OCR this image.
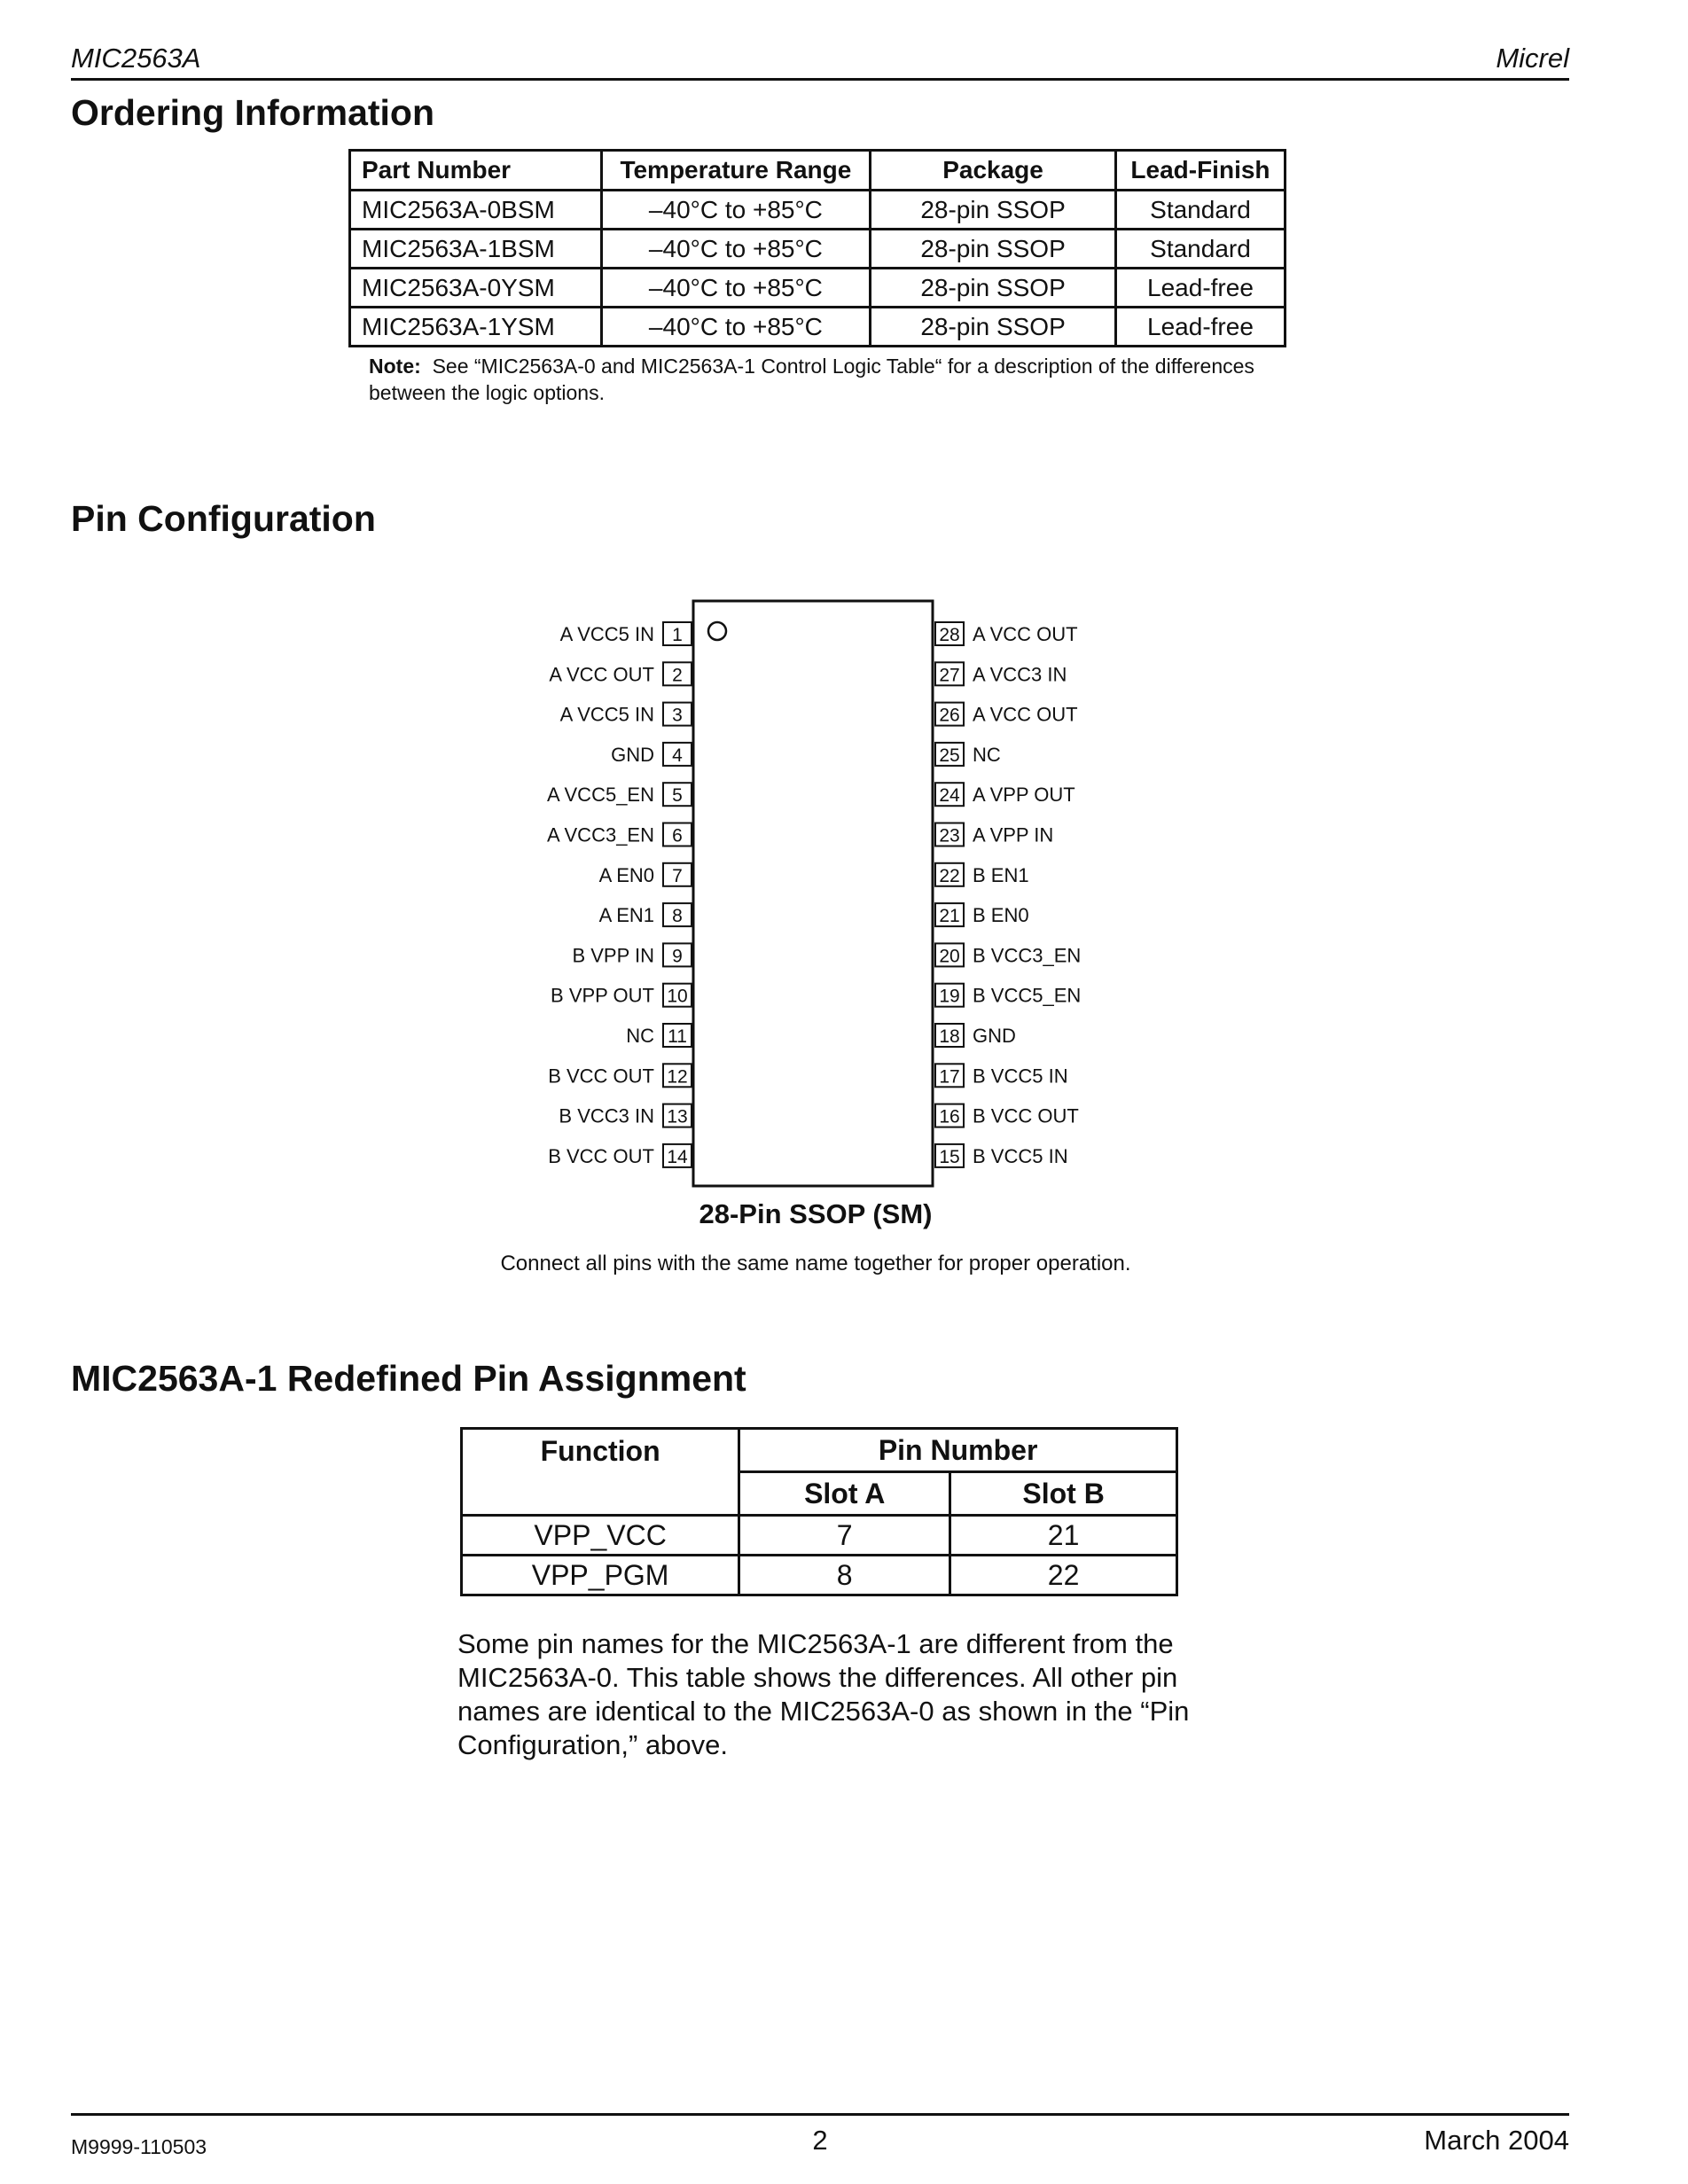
MIC2563A	Micrel
Ordering Information
Part Number	Temperature Range	Package	Lead-Finish
MIC2563A-0BSM	–40°C to +85°C	28-pin SSOP	Standard
MIC2563A-1BSM	–40°C to +85°C	28-pin SSOP	Standard
MIC2563A-0YSM	–40°C to +85°C	28-pin SSOP	Lead-free
MIC2563A-1YSM	–40°C to +85°C	28-pin SSOP	Lead-free
Note: See “MIC2563A-0 and MIC2563A-1 Control Logic Table“ for a description of the differences between the logic options.
Pin Configuration
1
A VCC5 IN
2
A VCC OUT
3
A VCC5 IN
4
GND
5
A VCC5_EN
6
A VCC3_EN
7
A EN0
8
A EN1
9
B VPP IN
10
B VPP OUT
11
NC
12
B VCC OUT
13
B VCC3 IN
14
B VCC OUT
28 A VCC OUT
27 A VCC3 IN
26 A VCC OUT
25 NC
24 A VPP OUT
23 A VPP IN
22 B EN1
21 B EN0
20 B VCC3_EN
19 B VCC5_EN
18 GND
17 B VCC5 IN
16 B VCC OUT
15 B VCC5 IN
28-Pin SSOP (SM)
Connect all pins with the same name together for proper operation.
MIC2563A-1 Redefined Pin Assignment
Function	Pin Number	
	Slot A	Slot B
VPP_VCC	7	21
VPP_PGM	8	22
Some pin names for the MIC2563A-1 are different from the MIC2563A-0. This table shows the differences. All other pin names are identical to the MIC2563A-0 as shown in the “Pin Configuration,” above.
M9999-110503	2	March 2004
